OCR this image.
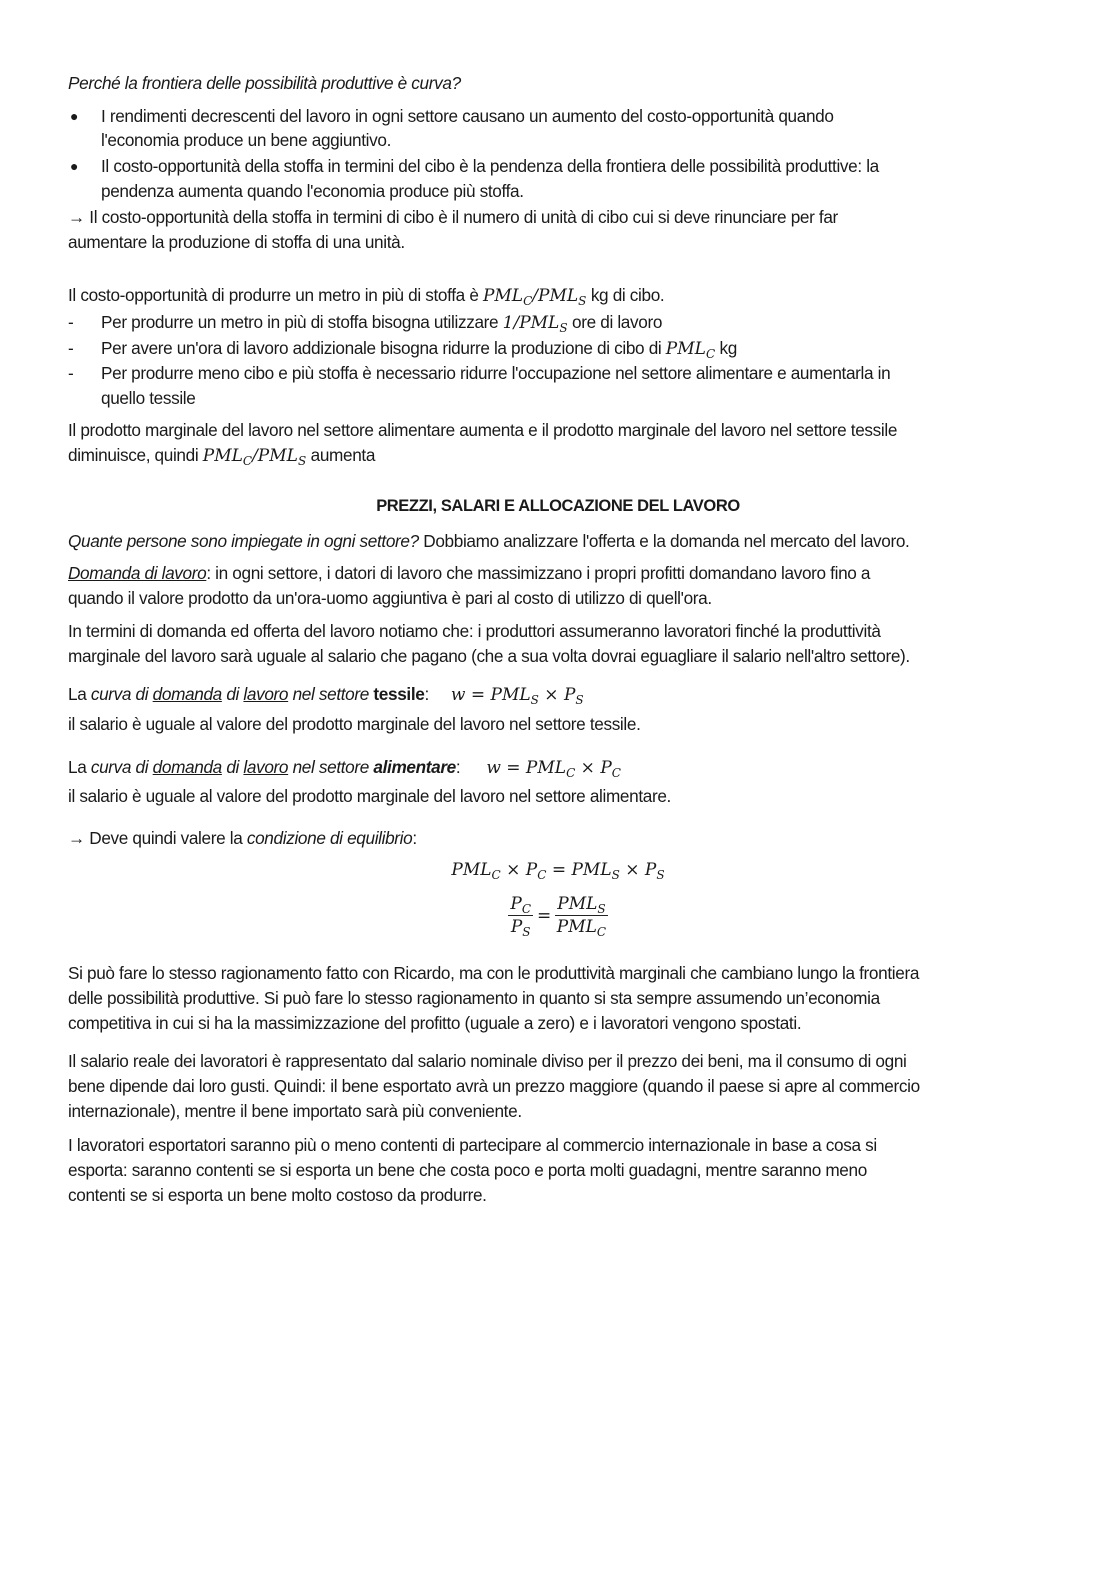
Perché la frontiera delle possibilità produttive è curva?
● I rendimenti decrescenti del lavoro in ogni settore causano un aumento del costo-opportunità quando
l'economia produce un bene aggiuntivo.
● Il costo-opportunità della stoffa in termini del cibo è la pendenza della frontiera delle possibilità produttive: la
pendenza aumenta quando l'economia produce più stoffa.
→ Il costo-opportunità della stoffa in termini di cibo è il numero di unità di cibo cui si deve rinunciare per far
aumentare la produzione di stoffa di una unità.
Il costo-opportunità di produrre un metro in più di stoffa è $PML_C/PML_S$ kg di cibo.
- Per produrre un metro in più di stoffa bisogna utilizzare $1/PML_S$ ore di lavoro
- Per avere un'ora di lavoro addizionale bisogna ridurre la produzione di cibo di $PML_C$ kg
- Per produrre meno cibo e più stoffa è necessario ridurre l'occupazione nel settore alimentare e aumentarla in
quello tessile
Il prodotto marginale del lavoro nel settore alimentare aumenta e il prodotto marginale del lavoro nel settore tessile
diminuisce, quindi $PML_C/PML_S$ aumenta
PREZZI, SALARI E ALLOCAZIONE DEL LAVORO
Quante persone sono impiegate in ogni settore? Dobbiamo analizzare l'offerta e la domanda nel mercato del lavoro.
Domanda di lavoro: in ogni settore, i datori di lavoro che massimizzano i propri profitti domandano lavoro fino a
quando il valore prodotto da un'ora-uomo aggiuntiva è pari al costo di utilizzo di quell'ora.
In termini di domanda ed offerta del lavoro notiamo che: i produttori assumeranno lavoratori finché la produttività
marginale del lavoro sarà uguale al salario che pagano (che a sua volta dovrai eguagliare il salario nell'altro settore).
La curva di domanda di lavoro nel settore tessile: $w = PML_S \times P_S$
il salario è uguale al valore del prodotto marginale del lavoro nel settore tessile.
La curva di domanda di lavoro nel settore alimentare: $w = PML_C \times P_C$
il salario è uguale al valore del prodotto marginale del lavoro nel settore alimentare.
→ Deve quindi valere la condizione di equilibrio:
$PML_C \times P_C = PML_S \times P_S$
$\frac{P_C}{P_S} = \frac{PML_S}{PML_C}$
Si può fare lo stesso ragionamento fatto con Ricardo, ma con le produttività marginali che cambiano lungo la frontiera
delle possibilità produttive. Si può fare lo stesso ragionamento in quanto si sta sempre assumendo un’economia
competitiva in cui si ha la massimizzazione del profitto (uguale a zero) e i lavoratori vengono spostati.
Il salario reale dei lavoratori è rappresentato dal salario nominale diviso per il prezzo dei beni, ma il consumo di ogni
bene dipende dai loro gusti. Quindi: il bene esportato avrà un prezzo maggiore (quando il paese si apre al commercio
internazionale), mentre il bene importato sarà più conveniente.
I lavoratori esportatori saranno più o meno contenti di partecipare al commercio internazionale in base a cosa si
esporta: saranno contenti se si esporta un bene che costa poco e porta molti guadagni, mentre saranno meno
contenti se si esporta un bene molto costoso da produrre.
